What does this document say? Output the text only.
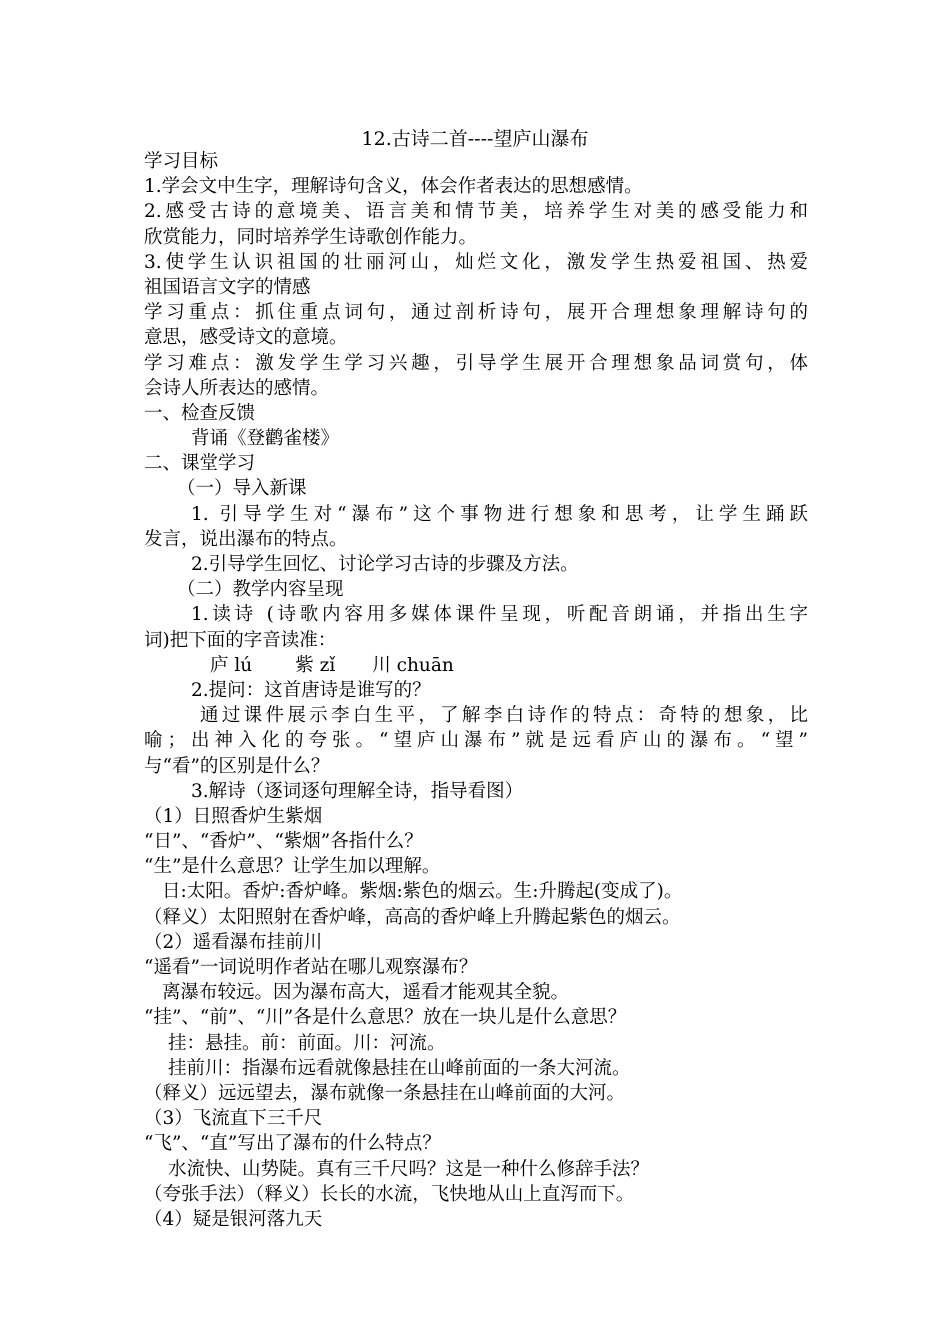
12.古诗二首----望庐山瀑布
学习目标
1.学会文中生字，理解诗句含义，体会作者表达的思想感情。
2.感受古诗的意境美、语言美和情节美，培养学生对美的感受能力和
欣赏能力，同时培养学生诗歌创作能力。
3.使学生认识祖国的壮丽河山，灿烂文化，激发学生热爱祖国、热爱
祖国语言文字的情感
学习重点：抓住重点词句，通过剖析诗句，展开合理想象理解诗句的
意思，感受诗文的意境。
学习难点：激发学生学习兴趣，引导学生展开合理想象品词赏句，体
会诗人所表达的感情。
一、检查反馈
背诵《登鹳雀楼》
二、课堂学习
（一）导入新课
1. 引导学生对“瀑布”这个事物进行想象和思考，让学生踊跃
发言，说出瀑布的特点。
2.引导学生回忆、讨论学习古诗的步骤及方法。
（二）教学内容呈现
1.读诗 (诗歌内容用多媒体课件呈现，听配音朗诵，并指出生字
词)把下面的字音读准：
庐 lú 紫 zǐ 川 chuān
2.提问：这首唐诗是谁写的？
通过课件展示李白生平，了解李白诗作的特点：奇特的想象，比
喻；出神入化的夸张。“望庐山瀑布”就是远看庐山的瀑布。“望”
与“看”的区别是什么？
3.解诗（逐词逐句理解全诗，指导看图）
（1）日照香炉生紫烟
“日”、“香炉”、“紫烟”各指什么？
“生”是什么意思？让学生加以理解。
日:太阳。香炉:香炉峰。紫烟:紫色的烟云。生:升腾起(变成了)。
（释义）太阳照射在香炉峰，高高的香炉峰上升腾起紫色的烟云。
（2）遥看瀑布挂前川
“遥看”一词说明作者站在哪儿观察瀑布？
离瀑布较远。因为瀑布高大，遥看才能观其全貌。
“挂”、“前”、“川”各是什么意思？放在一块儿是什么意思？
挂：悬挂。前：前面。川：河流。
挂前川：指瀑布远看就像悬挂在山峰前面的一条大河流。
（释义）远远望去，瀑布就像一条悬挂在山峰前面的大河。
（3）飞流直下三千尺
“飞”、“直”写出了瀑布的什么特点？
水流快、山势陡。真有三千尺吗？这是一种什么修辞手法？
（夸张手法）（释义）长长的水流，飞快地从山上直泻而下。
（4）疑是银河落九天
